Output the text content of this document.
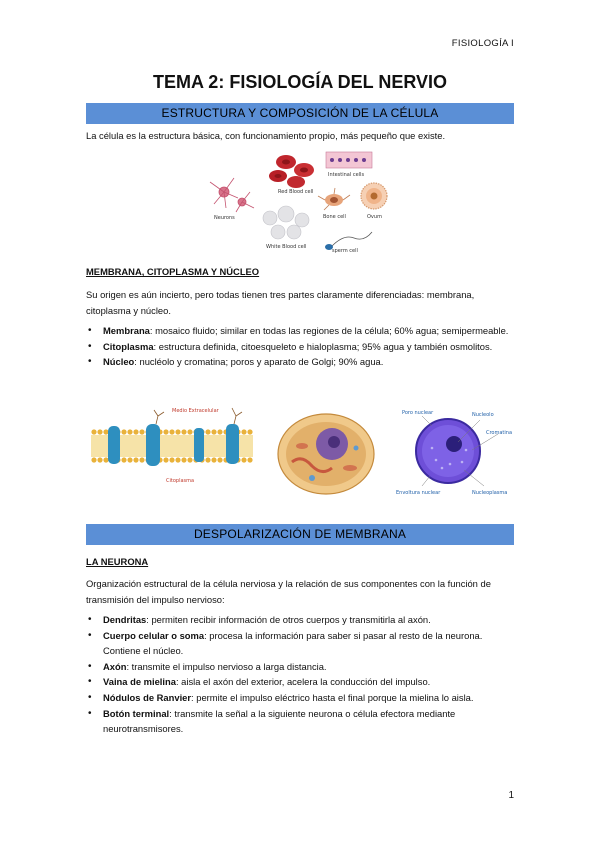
FISIOLOGÍA I
TEMA 2: FISIOLOGÍA DEL NERVIO
ESTRUCTURA Y COMPOSICIÓN DE LA CÉLULA
La célula es la estructura básica, con funcionamiento propio, más pequeño que existe.
Neurons
Red Blood cell
Intestinal cells
Bone cell	Ovum
White Blood cell
sperm cell
MEMBRANA, CITOPLASMA Y NÚCLEO
Su origen es aún incierto, pero todas tienen tres partes claramente diferenciadas: membrana, citoplasma y núcleo.
• Membrana: mosaico fluido; similar en todas las regiones de la célula; 60% agua; semipermeable.
• Citoplasma: estructura definida, citoesqueleto e hialoplasma; 95% agua y también osmolitos.
• Núcleo: nucléolo y cromatina; poros y aparato de Golgi; 90% agua.
Medio Extracelular
Citoplasma
Poro nuclear	Nucleolo
Cromatina
Envoltura nuclear	Nucleoplasma
DESPOLARIZACIÓN DE MEMBRANA
LA NEURONA
Organización estructural de la célula nerviosa y la relación de sus componentes con la función de transmisión del impulso nervioso:
• Dendritas: permiten recibir información de otros cuerpos y transmitirla al axón.
• Cuerpo celular o soma: procesa la información para saber si pasar al resto de la neurona. Contiene el núcleo.
• Axón: transmite el impulso nervioso a larga distancia.
• Vaina de mielina: aisla el axón del exterior, acelera la conducción del impulso.
• Nódulos de Ranvier: permite el impulso eléctrico hasta el final porque la mielina lo aisla.
• Botón terminal: transmite la señal a la siguiente neurona o célula efectora mediante neurotransmisores.
1
